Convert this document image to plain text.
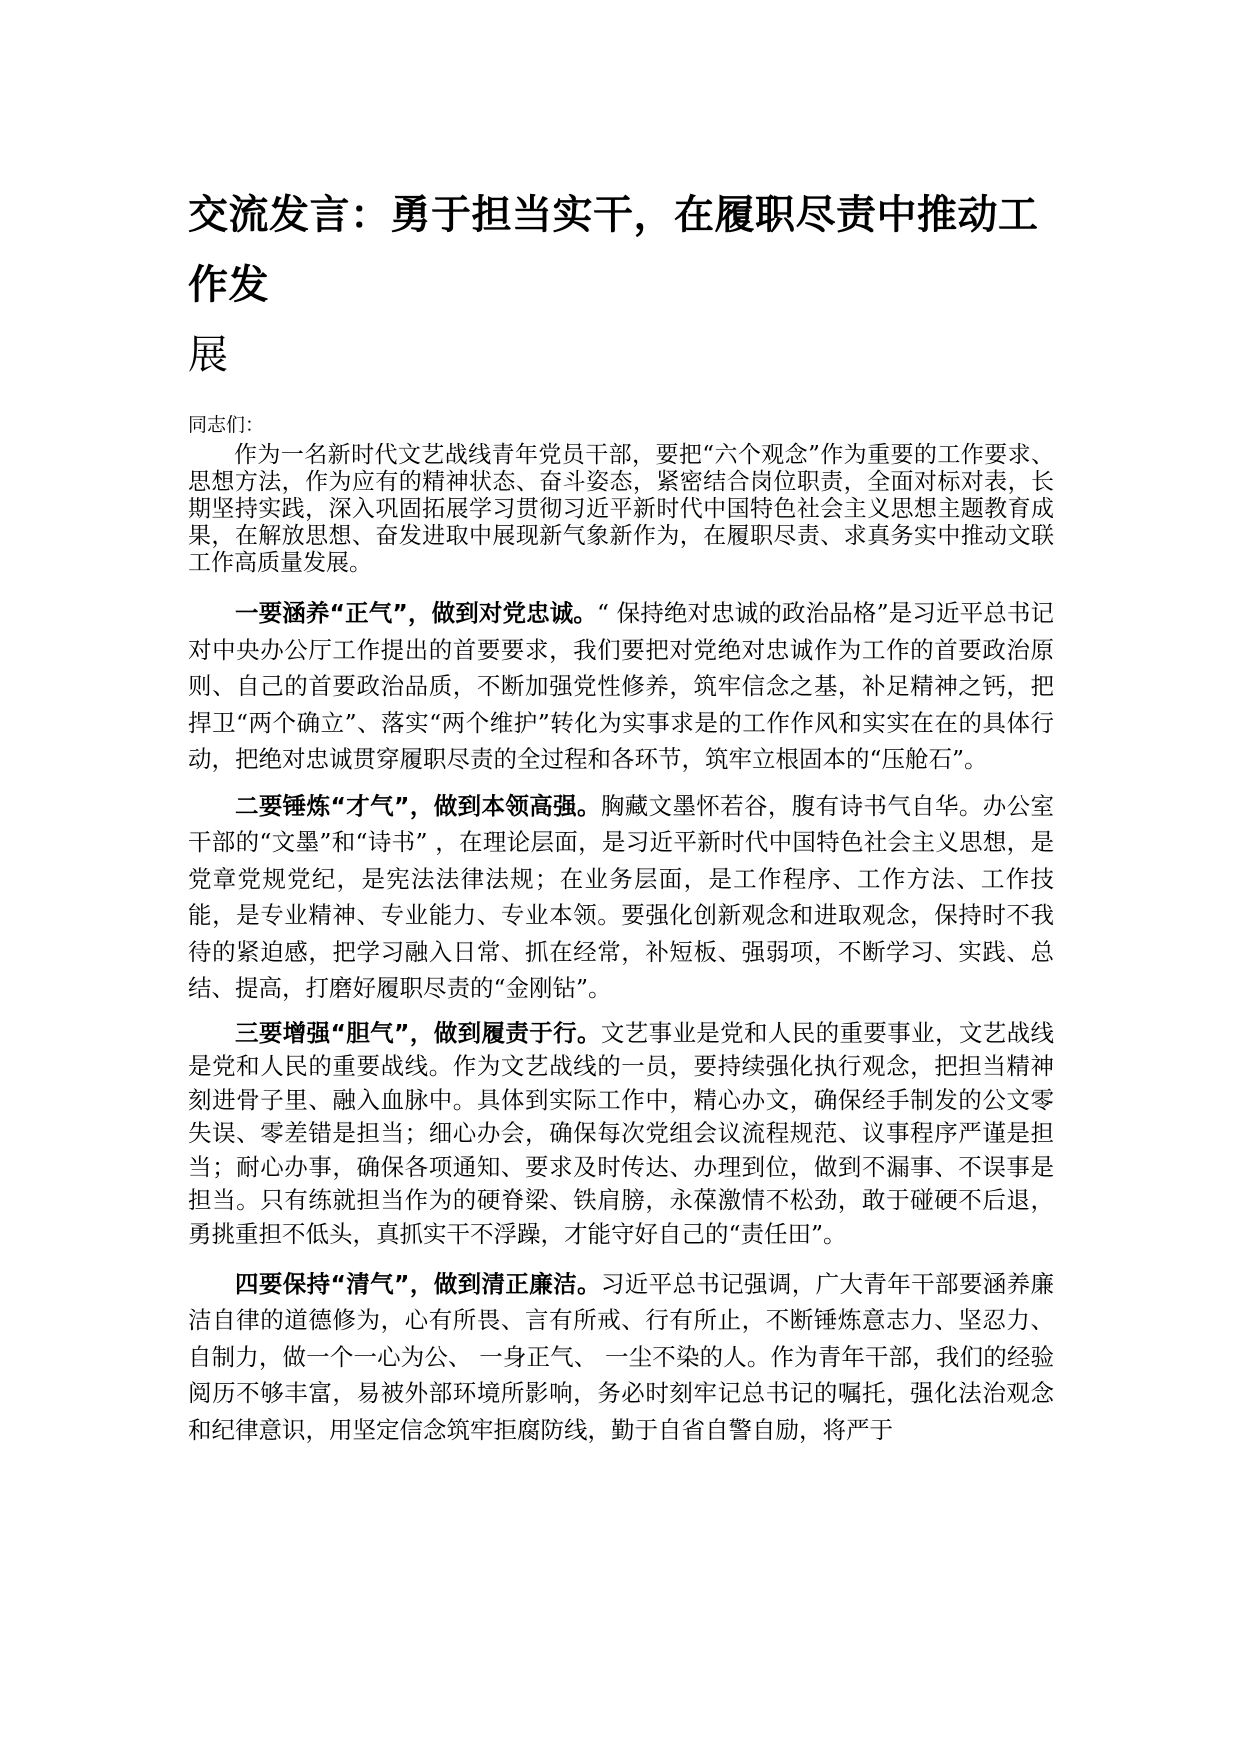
交流发言：勇于担当实干，在履职尽责中推动工作发
展

同志们：

作为一名新时代文艺战线青年党员干部，要把“六个观念”作为重要的工作要求、思想方法，作为应有的精神状态、奋斗姿态，紧密结合岗位职责，全面对标对表，长期坚持实践，深入巩固拓展学习贯彻习近平新时代中国特色社会主义思想主题教育成果，在解放思想、奋发进取中展现新气象新作为，在履职尽责、求真务实中推动文联工作高质量发展。

一要涵养“正气”，做到对党忠诚。“ 保持绝对忠诚的政治品格”是习近平总书记对中央办公厅工作提出的首要要求，我们要把对党绝对忠诚作为工作的首要政治原则、自己的首要政治品质，不断加强党性修养，筑牢信念之基，补足精神之钙，把捍卫“两个确立”、落实“两个维护”转化为实事求是的工作作风和实实在在的具体行动，把绝对忠诚贯穿履职尽责的全过程和各环节，筑牢立根固本的“压舱石”。

二要锤炼“才气”，做到本领高强。胸藏文墨怀若谷，腹有诗书气自华。办公室干部的“文墨”和“诗书” ，在理论层面，是习近平新时代中国特色社会主义思想，是党章党规党纪，是宪法法律法规；在业务层面，是工作程序、工作方法、工作技能，是专业精神、专业能力、专业本领。要强化创新观念和进取观念，保持时不我待的紧迫感，把学习融入日常、抓在经常，补短板、强弱项，不断学习、实践、总结、提高，打磨好履职尽责的“金刚钻”。

三要增强“胆气”，做到履责于行。文艺事业是党和人民的重要事业，文艺战线是党和人民的重要战线。作为文艺战线的一员，要持续强化执行观念，把担当精神刻进骨子里、融入血脉中。具体到实际工作中，精心办文，确保经手制发的公文零失误、零差错是担当；细心办会，确保每次党组会议流程规范、议事程序严谨是担当；耐心办事，确保各项通知、要求及时传达、办理到位，做到不漏事、不误事是担当。只有练就担当作为的硬脊梁、铁肩膀，永葆激情不松劲，敢于碰硬不后退，勇挑重担不低头，真抓实干不浮躁，才能守好自己的“责任田”。

四要保持“清气”，做到清正廉洁。习近平总书记强调，广大青年干部要涵养廉洁自律的道德修为，心有所畏、言有所戒、行有所止，不断锤炼意志力、坚忍力、自制力，做一个一心为公、 一身正气、 一尘不染的人。作为青年干部，我们的经验阅历不够丰富，易被外部环境所影响，务必时刻牢记总书记的嘱托，强化法治观念和纪律意识，用坚定信念筑牢拒腐防线，勤于自省自警自励，将严于
